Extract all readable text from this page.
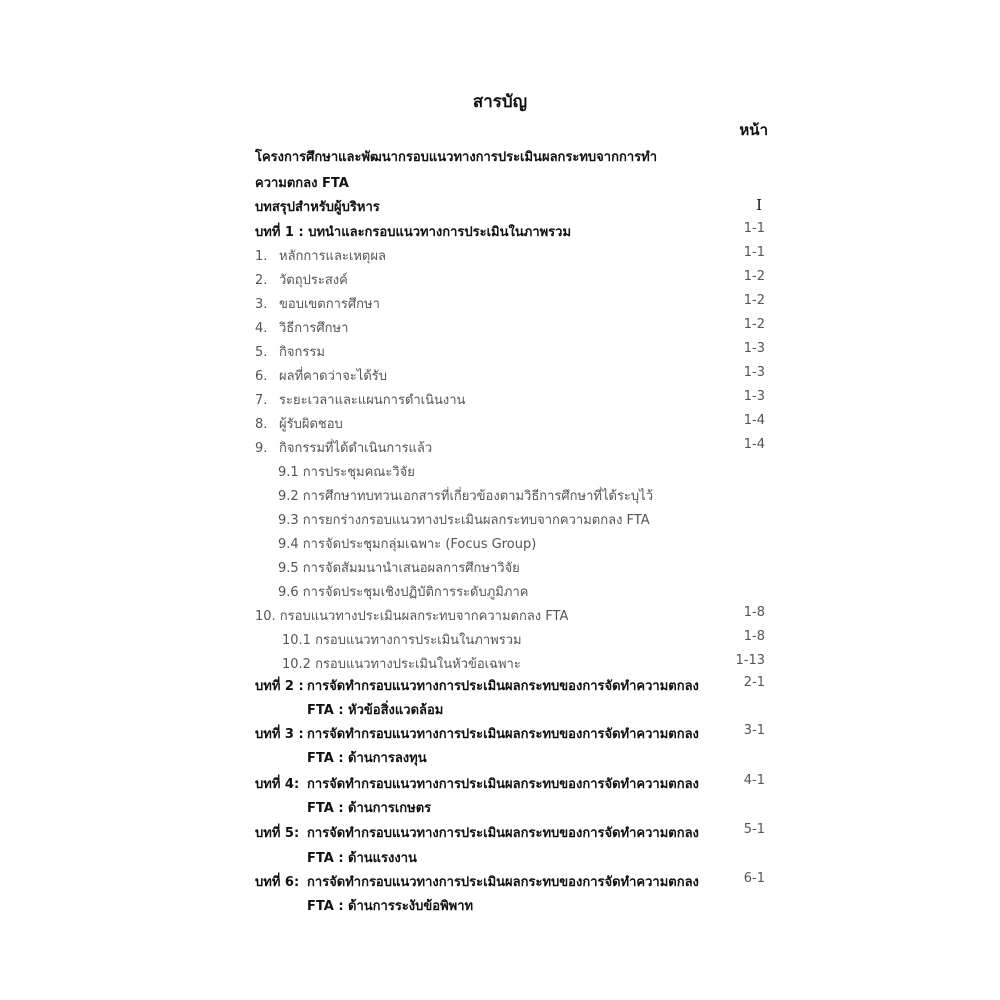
สารบัญ
หน้า
โครงการศึกษาและพัฒนากรอบแนวทางการประเมินผลกระทบจากการทำ
ความตกลง FTA
บทสรุปสำหรับผู้บริหาร	I
บทที่ 1 : บทนำและกรอบแนวทางการประเมินในภาพรวม	1-1
1. หลักการและเหตุผล	1-1
2. วัตถุประสงค์	1-2
3. ขอบเขตการศึกษา	1-2
4. วิธีการศึกษา	1-2
5. กิจกรรม	1-3
6. ผลที่คาดว่าจะได้รับ	1-3
7. ระยะเวลาและแผนการดำเนินงาน	1-3
8. ผู้รับผิดชอบ	1-4
9. กิจกรรมที่ได้ดำเนินการแล้ว	1-4
9.1 การประชุมคณะวิจัย
9.2 การศึกษาทบทวนเอกสารที่เกี่ยวข้องตามวิธีการศึกษาที่ได้ระบุไว้
9.3 การยกร่างกรอบแนวทางประเมินผลกระทบจากความตกลง FTA
9.4 การจัดประชุมกลุ่มเฉพาะ (Focus Group)
9.5 การจัดสัมมนานำเสนอผลการศึกษาวิจัย
9.6 การจัดประชุมเชิงปฏิบัติการระดับภูมิภาค
10. กรอบแนวทางประเมินผลกระทบจากความตกลง FTA	1-8
10.1 กรอบแนวทางการประเมินในภาพรวม	1-8
10.2 กรอบแนวทางประเมินในหัวข้อเฉพาะ	1-13
บทที่ 2 : การจัดทำกรอบแนวทางการประเมินผลกระทบของการจัดทำความตกลง	2-1
FTA : หัวข้อสิ่งแวดล้อม
บทที่ 3 : การจัดทำกรอบแนวทางการประเมินผลกระทบของการจัดทำความตกลง	3-1
FTA : ด้านการลงทุน
บทที่ 4: การจัดทำกรอบแนวทางการประเมินผลกระทบของการจัดทำความตกลง	4-1
FTA : ด้านการเกษตร
บทที่ 5: การจัดทำกรอบแนวทางการประเมินผลกระทบของการจัดทำความตกลง	5-1
FTA : ด้านแรงงาน
บทที่ 6: การจัดทำกรอบแนวทางการประเมินผลกระทบของการจัดทำความตกลง	6-1
FTA : ด้านการระงับข้อพิพาท
